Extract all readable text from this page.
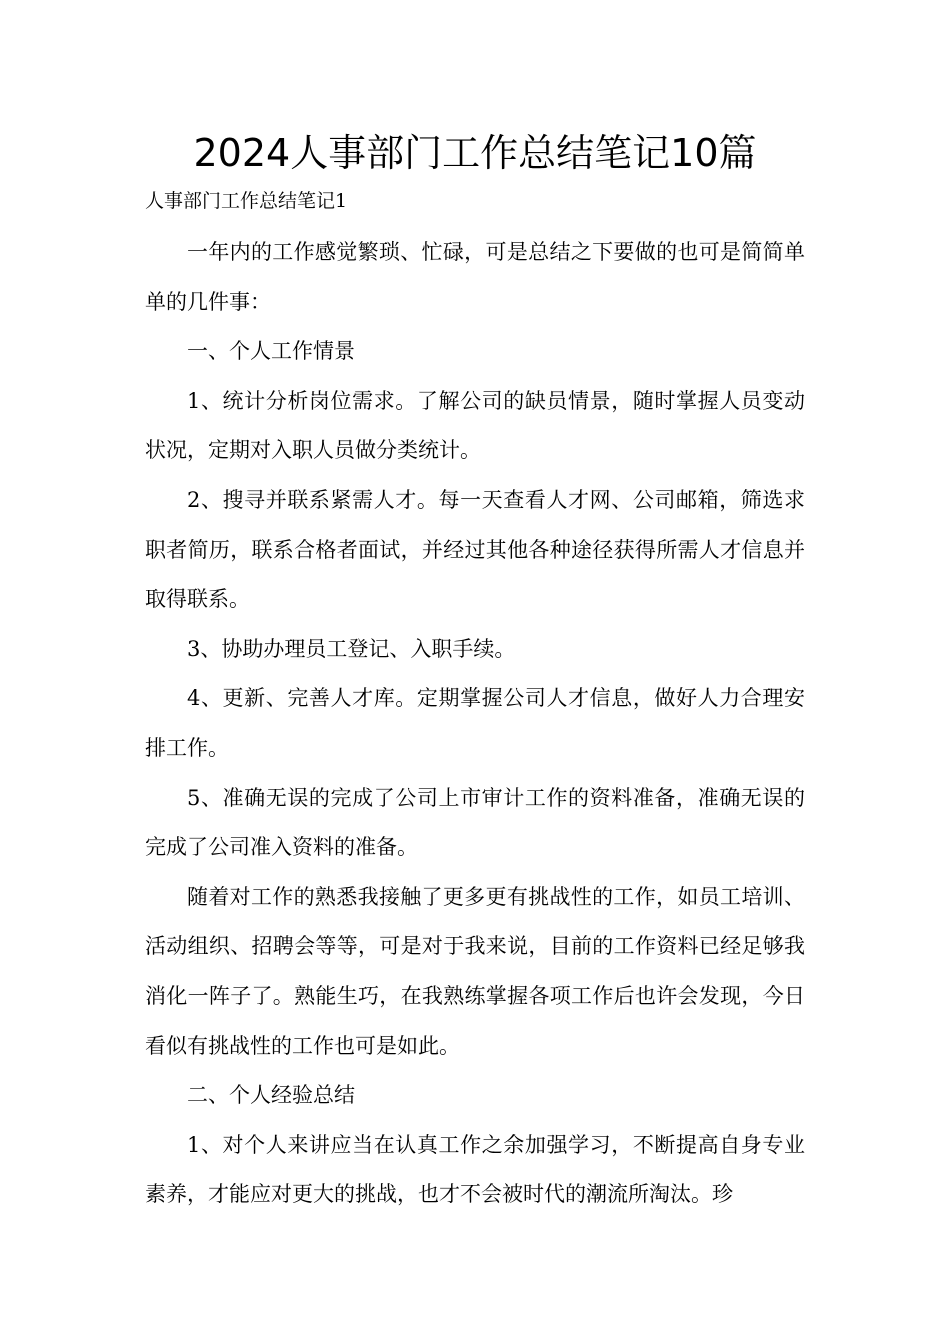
2024人事部门工作总结笔记10篇
人事部门工作总结笔记1

一年内的工作感觉繁琐、忙碌，可是总结之下要做的也可是简简单单的几件事：

一、个人工作情景

1、统计分析岗位需求。了解公司的缺员情景，随时掌握人员变动状况，定期对入职人员做分类统计。

2、搜寻并联系紧需人才。每一天查看人才网、公司邮箱，筛选求职者简历，联系合格者面试，并经过其他各种途径获得所需人才信息并取得联系。

3、协助办理员工登记、入职手续。

4、更新、完善人才库。定期掌握公司人才信息，做好人力合理安排工作。

5、准确无误的完成了公司上市审计工作的资料准备，准确无误的完成了公司准入资料的准备。

随着对工作的熟悉我接触了更多更有挑战性的工作，如员工培训、活动组织、招聘会等等，可是对于我来说，目前的工作资料已经足够我消化一阵子了。熟能生巧，在我熟练掌握各项工作后也许会发现，今日看似有挑战性的工作也可是如此。

二、个人经验总结

1、对个人来讲应当在认真工作之余加强学习，不断提高自身专业素养，才能应对更大的挑战，也才不会被时代的潮流所淘汰。珍
